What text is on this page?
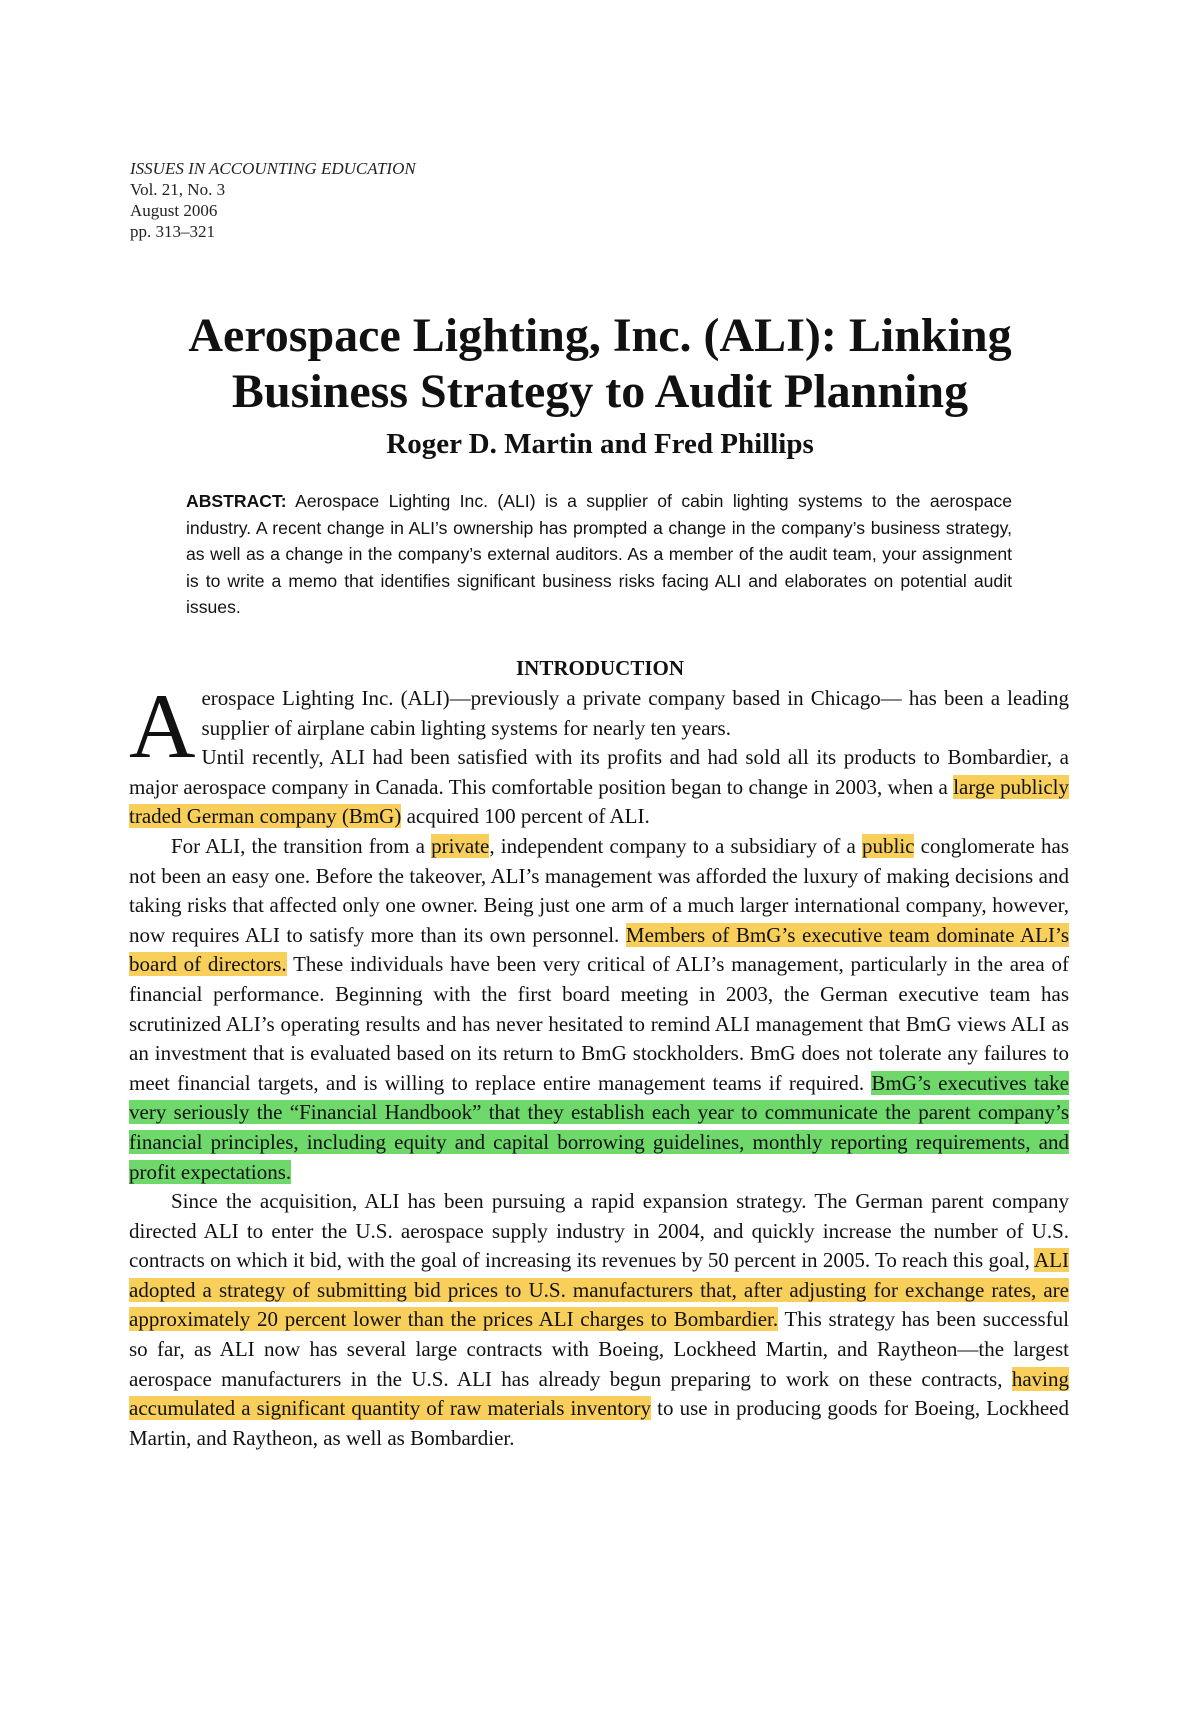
ISSUES IN ACCOUNTING EDUCATION
Vol. 21, No. 3
August 2006
pp. 313–321
Aerospace Lighting, Inc. (ALI): Linking
Business Strategy to Audit Planning
Roger D. Martin and Fred Phillips

ABSTRACT: Aerospace Lighting Inc. (ALI) is a supplier of cabin lighting systems to the aerospace industry. A recent change in ALI’s ownership has prompted a change in the company’s business strategy, as well as a change in the company’s external auditors. As a member of the audit team, your assignment is to write a memo that identifies significant business risks facing ALI and elaborates on potential audit issues.

INTRODUCTION

Aerospace Lighting Inc. (ALI)—previously a private company based in Chicago— has been a leading supplier of airplane cabin lighting systems for nearly ten years.

Until recently, ALI had been satisfied with its profits and had sold all its products to Bombardier, a major aerospace company in Canada. This comfortable position began to change in 2003, when a large publicly traded German company (BmG) acquired 100 percent of ALI.

For ALI, the transition from a private, independent company to a subsidiary of a public conglomerate has not been an easy one. Before the takeover, ALI’s management was afforded the luxury of making decisions and taking risks that affected only one owner. Being just one arm of a much larger international company, however, now requires ALI to satisfy more than its own personnel. Members of BmG’s executive team dominate ALI’s board of directors. These individuals have been very critical of ALI’s management, particularly in the area of financial performance. Beginning with the first board meeting in 2003, the German executive team has scrutinized ALI’s operating results and has never hesitated to remind ALI management that BmG views ALI as an investment that is evaluated based on its return to BmG stockholders. BmG does not tolerate any failures to meet financial targets, and is willing to replace entire management teams if required. BmG’s executives take very seriously the “Financial Handbook” that they establish each year to communicate the parent company’s financial principles, including equity and capital borrowing guidelines, monthly reporting requirements, and profit expectations.

Since the acquisition, ALI has been pursuing a rapid expansion strategy. The German parent company directed ALI to enter the U.S. aerospace supply industry in 2004, and quickly increase the number of U.S. contracts on which it bid, with the goal of increasing its revenues by 50 percent in 2005. To reach this goal, ALI adopted a strategy of submitting bid prices to U.S. manufacturers that, after adjusting for exchange rates, are approximately 20 percent lower than the prices ALI charges to Bombardier. This strategy has been successful so far, as ALI now has several large contracts with Boeing, Lockheed Martin, and Raytheon—the largest aerospace manufacturers in the U.S. ALI has already begun preparing to work on these contracts, having accumulated a significant quantity of raw materials inventory to use in producing goods for Boeing, Lockheed Martin, and Raytheon, as well as Bombardier.
